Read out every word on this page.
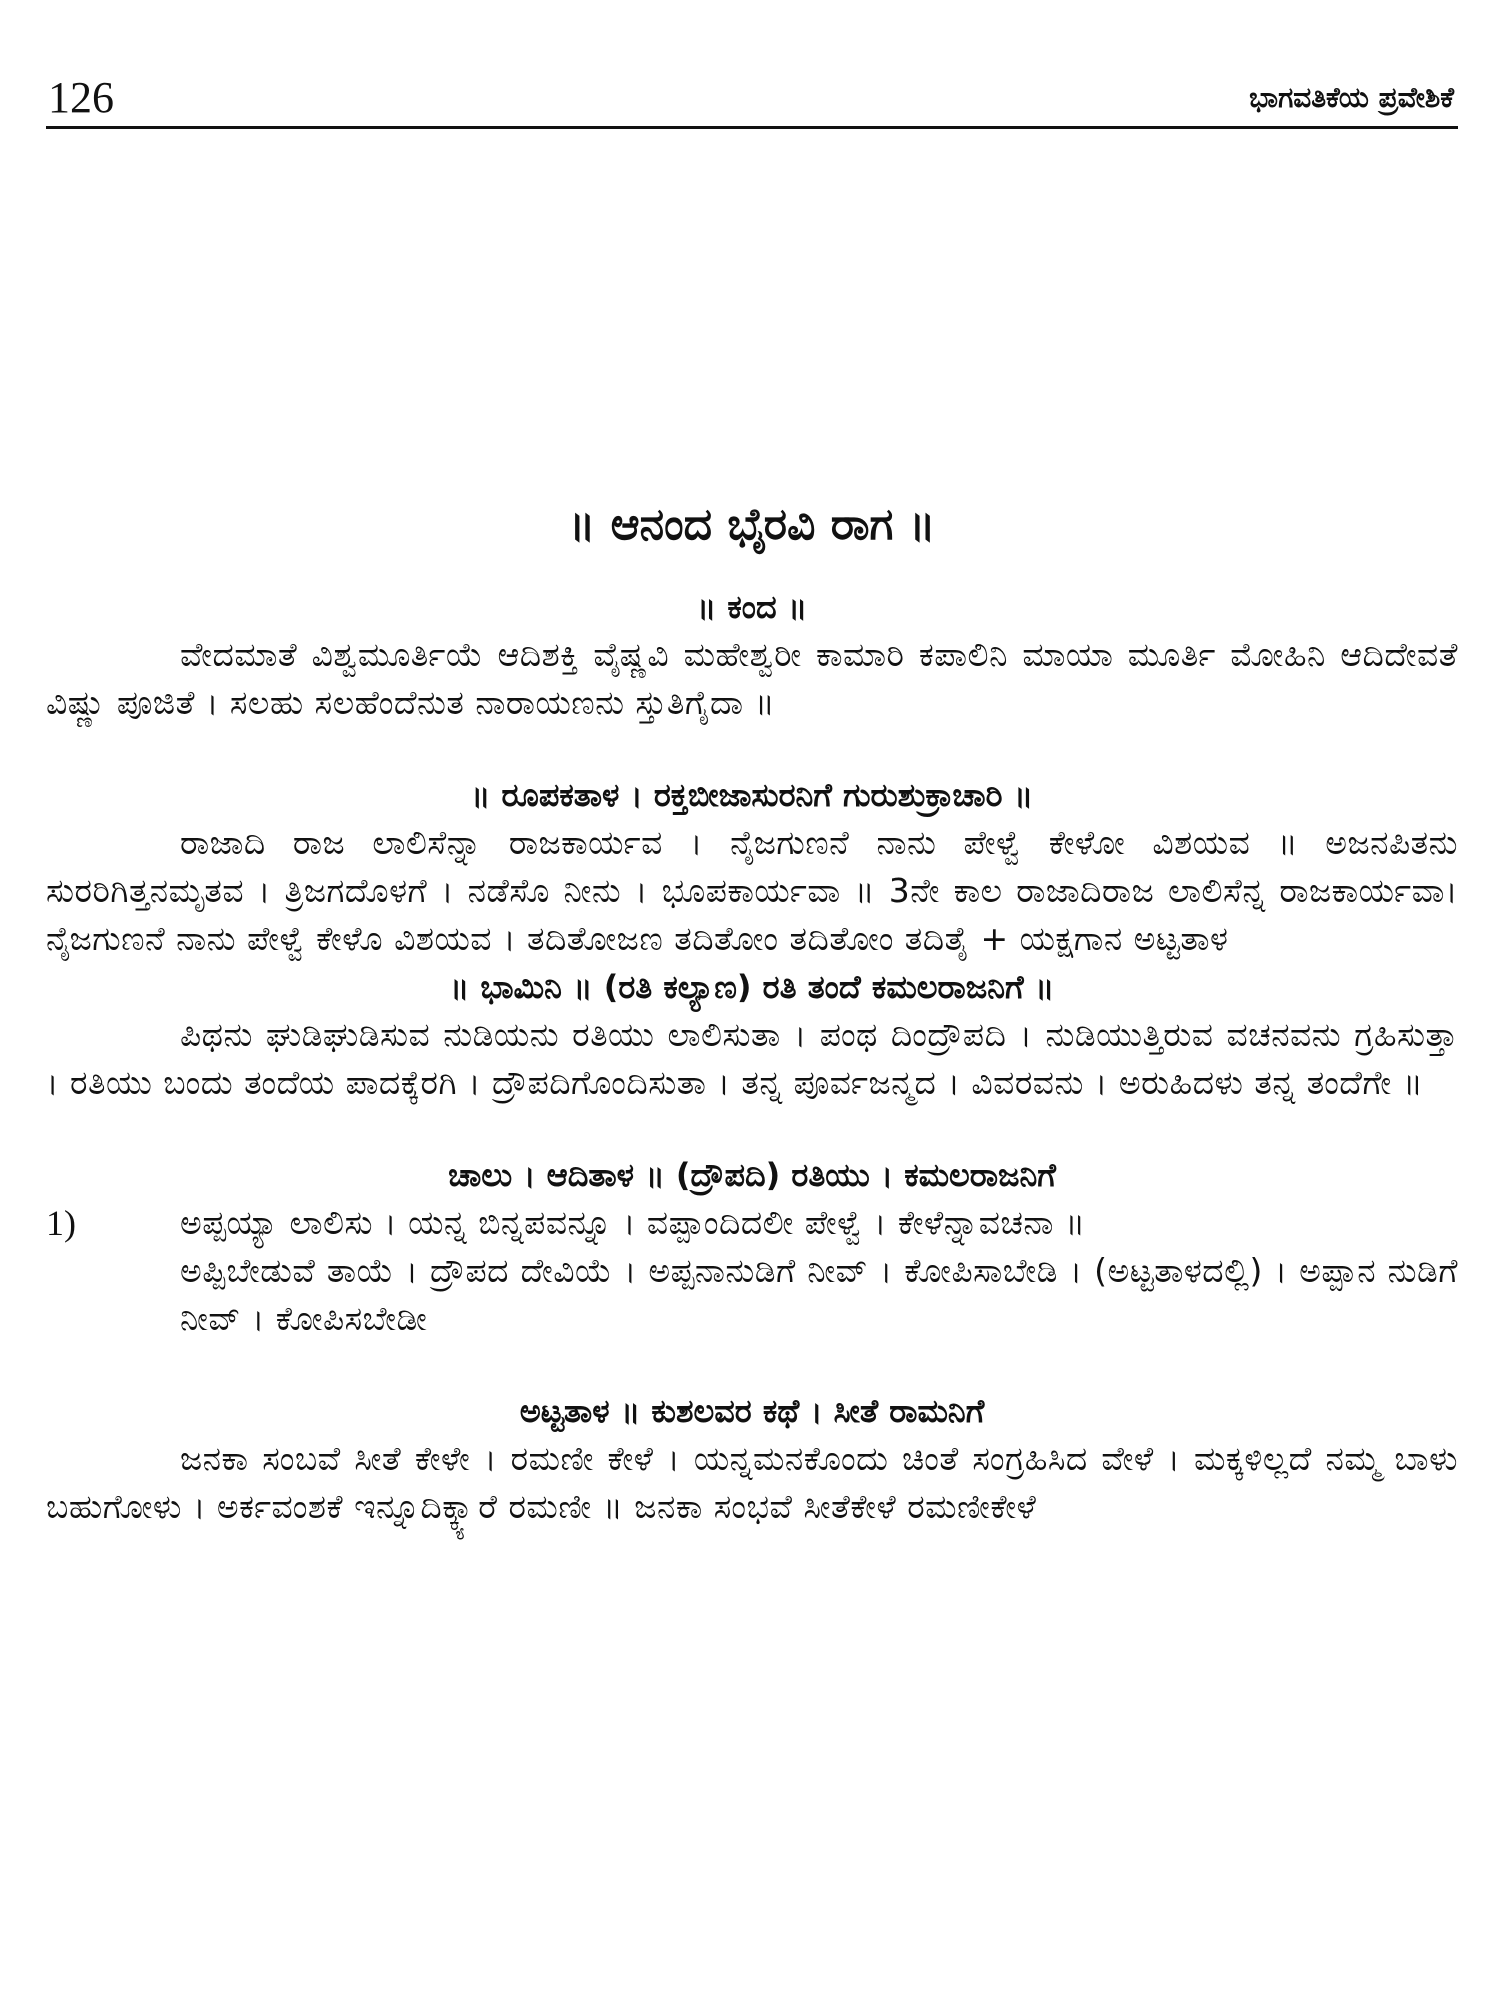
126	ಭಾಗವತಿಕೆಯ ಪ್ರವೇಶಿಕೆ
॥ ಆನಂದ ಭೈರವಿ ರಾಗ ॥
॥ ಕಂದ ॥

ವೇದಮಾತೆ ವಿಶ್ವಮೂರ್ತಿಯೆ ಆದಿಶಕ್ತಿ ವೈಷ್ಣವಿ ಮಹೇಶ್ವರೀ ಕಾಮಾರಿ ಕಪಾಲಿನಿ ಮಾಯಾ ಮೂರ್ತಿ ಮೋಹಿನಿ ಆದಿದೇವತೆ ವಿಷ್ಣು ಪೂಜಿತೆ । ಸಲಹು ಸಲಹೆಂದೆನುತ ನಾರಾಯಣನು ಸ್ತುತಿಗೈದಾ ॥

॥ ರೂಪಕತಾಳ । ರಕ್ತಬೀಜಾಸುರನಿಗೆ ಗುರುಶುಕ್ರಾಚಾರಿ ॥

ರಾಜಾದಿ ರಾಜ ಲಾಲಿಸೆನ್ನಾ ರಾಜಕಾರ್ಯವ । ನೈಜಗುಣನೆ ನಾನು ಪೇಳ್ವೆ ಕೇಳೋ ವಿಶಯವ ॥ ಅಜನಪಿತನು ಸುರರಿಗಿತ್ತನಮೃತವ । ತ್ರಿಜಗದೊಳಗೆ । ನಡೆಸೊ ನೀನು । ಭೂಪಕಾರ್ಯವಾ ॥ 3ನೇ ಕಾಲ ರಾಜಾದಿರಾಜ ಲಾಲಿಸೆನ್ನ ರಾಜಕಾರ್ಯವಾ। ನೈಜಗುಣನೆ ನಾನು ಪೇಳ್ವೆ ಕೇಳೊ ವಿಶಯವ । ತದಿತೋಜಣ ತದಿತೋಂ ತದಿತೋಂ ತದಿತೈ + ಯಕ್ಷಗಾನ ಅಟ್ಟತಾಳ

॥ ಭಾಮಿನಿ ॥ (ರತಿ ಕಲ್ಯಾಣ) ರತಿ ತಂದೆ ಕಮಲರಾಜನಿಗೆ ॥

ಪಿಥನು ಘುಡಿಘುಡಿಸುವ ನುಡಿಯನು ರತಿಯು ಲಾಲಿಸುತಾ । ಪಂಥ ದಿಂದ್ರೌಪದಿ । ನುಡಿಯುತ್ತಿರುವ ವಚನವನು ಗ್ರಹಿಸುತ್ತಾ । ರತಿಯು ಬಂದು ತಂದೆಯ ಪಾದಕ್ಕೆರಗಿ । ದ್ರೌಪದಿಗೊಂದಿಸುತಾ । ತನ್ನ ಪೂರ್ವಜನ್ಮದ । ವಿವರವನು । ಅರುಹಿದಳು ತನ್ನ ತಂದೆಗೇ ॥

ಚಾಲು । ಆದಿತಾಳ ॥ (ದ್ರೌಪದಿ) ರತಿಯು । ಕಮಲರಾಜನಿಗೆ
1)	ಅಪ್ಪಯ್ಯಾ ಲಾಲಿಸು । ಯನ್ನ ಬಿನ್ನಪವನ್ನೂ । ವಪ್ಪಾಂದಿದಲೀ ಪೇಳ್ವೆ । ಕೇಳೆನ್ನಾವಚನಾ ॥

ಅಪ್ಪಿಬೇಡುವೆ ತಾಯೆ । ದ್ರೌಪದ ದೇವಿಯೆ । ಅಪ್ಪನಾನುಡಿಗೆ ನೀವ್ । ಕೋಪಿಸಾಬೇಡಿ । (ಅಟ್ಟತಾಳದಲ್ಲಿ) । ಅಪ್ಪಾನ ನುಡಿಗೆ ನೀವ್ । ಕೋಪಿಸಬೇಡೀ

ಅಟ್ಟತಾಳ ॥ ಕುಶಲವರ ಕಥೆ । ಸೀತೆ ರಾಮನಿಗೆ

ಜನಕಾ ಸಂಬವೆ ಸೀತೆ ಕೇಳೇ । ರಮಣೀ ಕೇಳೆ । ಯನ್ನಮನಕೊಂದು ಚಿಂತೆ ಸಂಗ್ರಹಿಸಿದ ವೇಳೆ । ಮಕ್ಕಳಿಲ್ಲದೆ ನಮ್ಮ ಬಾಳು ಬಹುಗೋಳು । ಅರ್ಕವಂಶಕೆ ಇನ್ನೂದಿಕ್ಕ್ಯಾರೆ ರಮಣೀ ॥ ಜನಕಾ ಸಂಭವೆ ಸೀತೆಕೇಳೆ ರಮಣೀಕೇಳೆ
